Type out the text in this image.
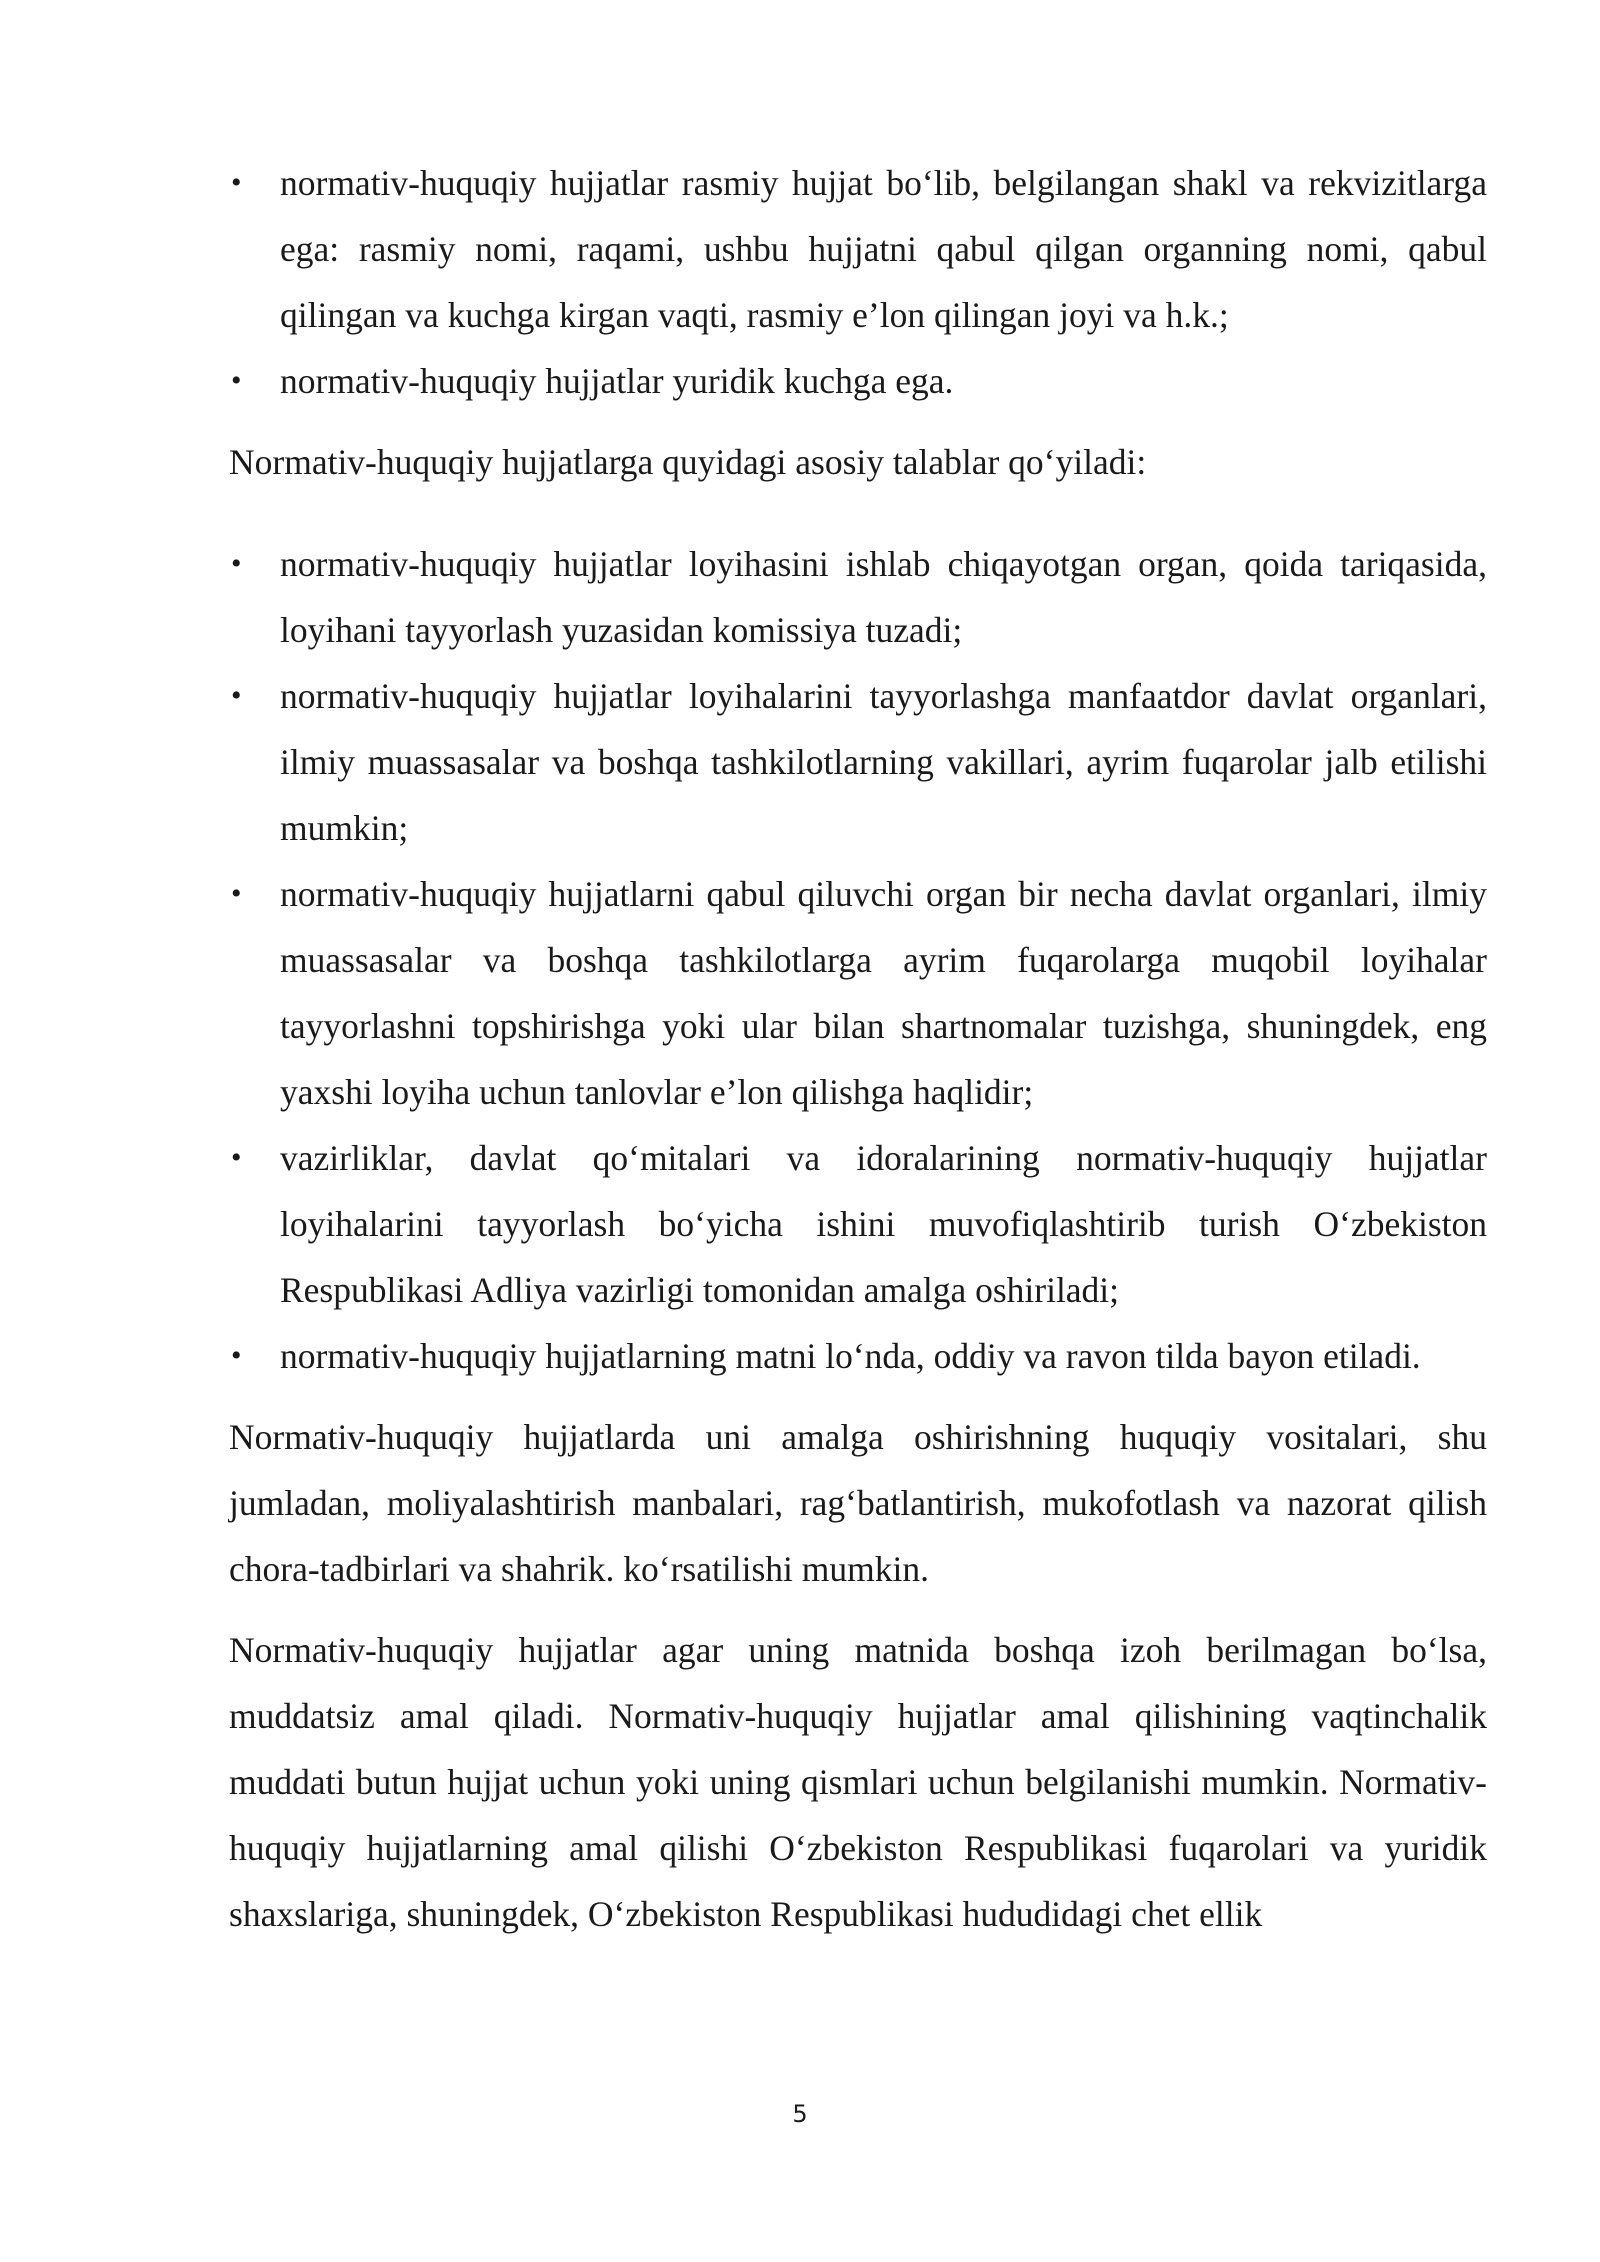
• normativ-huquqiy hujjatlar rasmiy hujjat bo‘lib, belgilangan shakl va rekvizitlarga ega: rasmiy nomi, raqami, ushbu hujjatni qabul qilgan organning nomi, qabul qilingan va kuchga kirgan vaqti, rasmiy e’lon qilingan joyi va h.k.;
• normativ-huquqiy hujjatlar yuridik kuchga ega.

Normativ-huquqiy hujjatlarga quyidagi asosiy talablar qo‘yiladi:

• normativ-huquqiy hujjatlar loyihasini ishlab chiqayotgan organ, qoida tariqasida, loyihani tayyorlash yuzasidan komissiya tuzadi;
• normativ-huquqiy hujjatlar loyihalarini tayyorlashga manfaatdor davlat organlari, ilmiy muassasalar va boshqa tashkilotlarning vakillari, ayrim fuqarolar jalb etilishi mumkin;
• normativ-huquqiy hujjatlarni qabul qiluvchi organ bir necha davlat organlari, ilmiy muassasalar va boshqa tashkilotlarga ayrim fuqarolarga muqobil loyihalar tayyorlashni topshirishga yoki ular bilan shartnomalar tuzishga, shuningdek, eng yaxshi loyiha uchun tanlovlar e’lon qilishga haqlidir;
• vazirliklar, davlat qo‘mitalari va idoralarining normativ-huquqiy hujjatlar loyihalarini tayyorlash bo‘yicha ishini muvofiqlashtirib turish O‘zbekiston Respublikasi Adliya vazirligi tomonidan amalga oshiriladi;
• normativ-huquqiy hujjatlarning matni lo‘nda, oddiy va ravon tilda bayon etiladi.

Normativ-huquqiy hujjatlarda uni amalga oshirishning huquqiy vositalari, shu jumladan, moliyalashtirish manbalari, rag‘batlantirish, mukofotlash va nazorat qilish chora-tadbirlari va shahrik. ko‘rsatilishi mumkin.

Normativ-huquqiy hujjatlar agar uning matnida boshqa izoh berilmagan bo‘lsa, muddatsiz amal qiladi. Normativ-huquqiy hujjatlar amal qilishining vaqtinchalik muddati butun hujjat uchun yoki uning qismlari uchun belgilanishi mumkin. Normativ-huquqiy hujjatlarning amal qilishi O‘zbekiston Respublikasi fuqarolari va yuridik shaxslariga, shuningdek, O‘zbekiston Respublikasi hududidagi chet ellik

5
